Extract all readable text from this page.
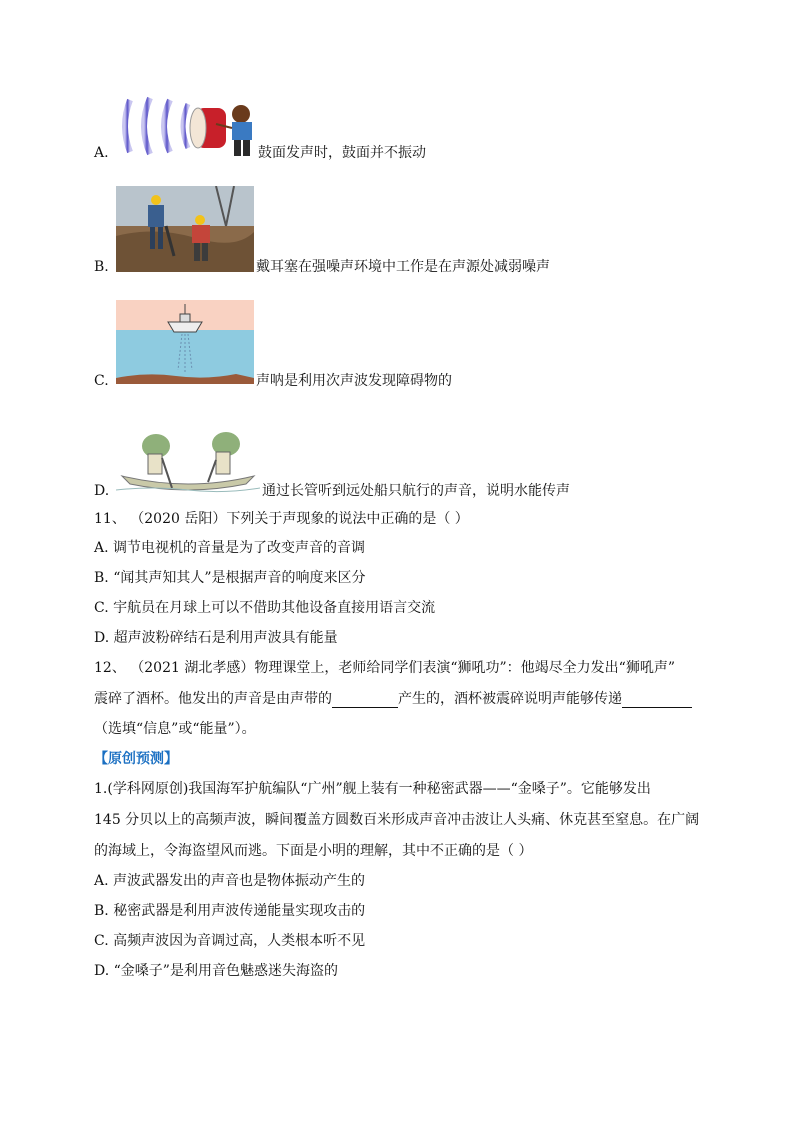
A.	鼓面发声时，鼓面并不振动
B.	戴耳塞在强噪声环境中工作是在声源处减弱噪声
C.	声呐是利用次声波发现障碍物的
D.	通过长管听到远处船只航行的声音，说明水能传声
11、 （2020 岳阳）下列关于声现象的说法中正确的是（ ）
A. 调节电视机的音量是为了改变声音的音调
B. “闻其声知其人”是根据声音的响度来区分
C. 宇航员在月球上可以不借助其他设备直接用语言交流
D. 超声波粉碎结石是利用声波具有能量
12、 （2021 湖北孝感）物理课堂上，老师给同学们表演“狮吼功”：他竭尽全力发出“狮吼声”
震碎了酒杯。他发出的声音是由声带的	产生的，酒杯被震碎说明声能够传递
（选填“信息”或“能量”）。
【原创预测】
1.(学科网原创)我国海军护航编队“广州”舰上装有一种秘密武器——“金嗓子”。它能够发出
145 分贝以上的高频声波，瞬间覆盖方圆数百米形成声音冲击波让人头痛、休克甚至窒息。在广阔
的海域上，令海盗望风而逃。下面是小明的理解，其中不正确的是（ ）
A. 声波武器发出的声音也是物体振动产生的
B. 秘密武器是利用声波传递能量实现攻击的
C. 高频声波因为音调过高，人类根本听不见
D. “金嗓子”是利用音色魅惑迷失海盗的
